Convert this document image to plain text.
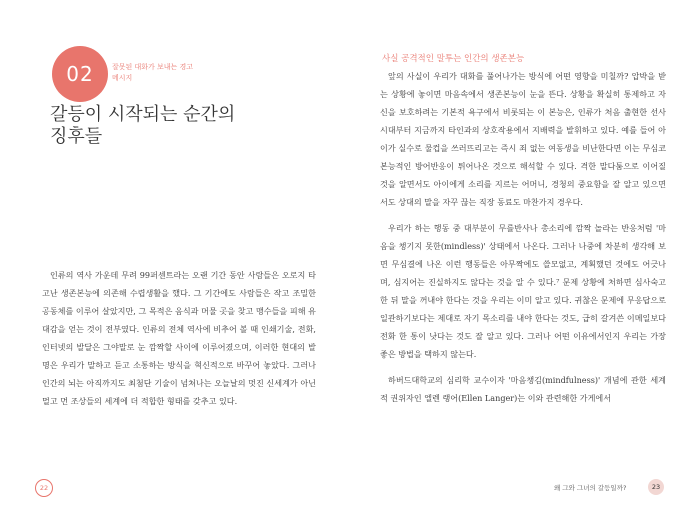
02	잘못된 대화가 보내는 경고 메시지
갈등이 시작되는 순간의 징후들

인류의 역사 가운데 무려 99퍼센트라는 오랜 기간 동안 사람들은 오로지 타고난 생존본능에 의존해 수렵생활을 했다. 그 기간에도 사람들은 작고 조밀한 공동체를 이루어 살았지만, 그 목적은 음식과 머물 곳을 찾고 맹수들을 피해 유대감을 얻는 것이 전부였다. 인류의 전체 역사에 비추어 볼 때 인쇄기술, 전화, 인터넷의 발달은 그야말로 눈 깜짝할 사이에 이루어졌으며, 이러한 현대의 발명은 우리가 말하고 듣고 소통하는 방식을 혁신적으로 바꾸어 놓았다. 그러나 인간의 뇌는 아직까지도 최첨단 기술이 넘쳐나는 오늘날의 멋진 신세계가 아닌 멀고 먼 조상들의 세계에 더 적합한 형태를 갖추고 있다.

22
사실 공격적인 말투는 인간의 생존본능

앞의 사실이 우리가 대화를 풀어나가는 방식에 어떤 영향을 미칠까? 압박을 받는 상황에 놓이면 마음속에서 생존본능이 눈을 뜬다. 상황을 확실히 통제하고 자신을 보호하려는 기본적 욕구에서 비롯되는 이 본능은, 인류가 처음 출현한 선사시대부터 지금까지 타인과의 상호작용에서 지배력을 발휘하고 있다. 예를 들어 아이가 실수로 물컵을 쓰러뜨리고는 즉시 죄 없는 여동생을 비난한다면 이는 무심코 본능적인 방어반응이 튀어나온 것으로 해석할 수 있다. 격한 말다툼으로 이어질 것을 알면서도 아이에게 소리를 지르는 어머니, 경청의 중요함을 잘 알고 있으면서도 상대의 말을 자꾸 끊는 직장 동료도 마찬가지 경우다.

우리가 하는 행동 중 대부분이 무를반사나 총소리에 깜짝 놀라는 반응처럼 '마음을 챙기지 못한(mindless)' 상태에서 나온다. 그러나 나중에 차분히 생각해 보면 무심결에 나온 이런 행동들은 아무짝에도 쓸모없고, 계획했던 것에도 어긋나며, 심지어는 진실하지도 않다는 것을 알 수 있다.⁷ 문제 상황에 처하면 심사숙고한 뒤 말을 꺼내야 한다는 것을 우리는 이미 알고 있다. 귀찮은 문제에 무응답으로 일관하기보다는 제대로 자기 목소리를 내야 한다는 것도, 급히 갈겨쓴 이메일보다 전화 한 통이 낫다는 것도 잘 알고 있다. 그러나 어떤 이유에서인지 우리는 가장 좋은 방법을 택하지 않는다.

하버드대학교의 심리학 교수이자 '마음챙김(mindfulness)' 개념에 관한 세계적 권위자인 엘렌 랭어(Ellen Langer)는 이와 관련해한 가게에서

왜 그와 그녀의 갈등일까?	23
